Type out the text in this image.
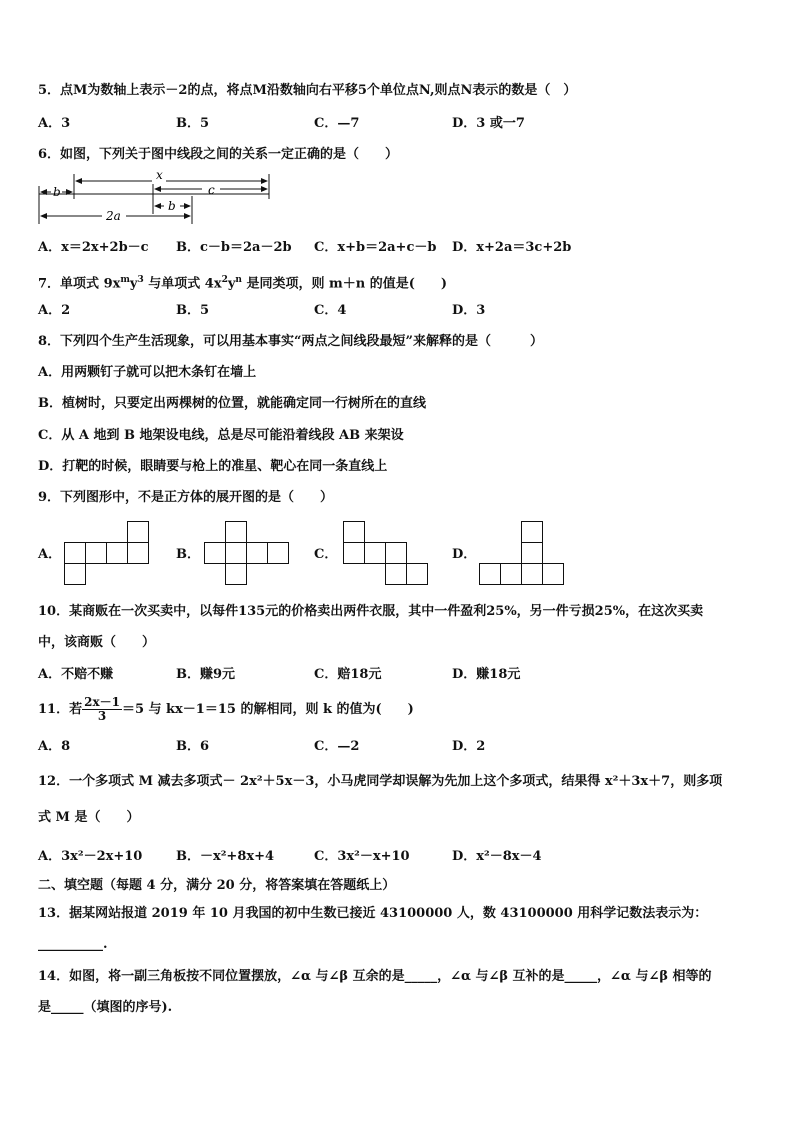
5．点M为数轴上表示－2的点，将点M沿数轴向右平移5个单位点N,则点N表示的数是（　）
A．3	B．5	C．—7	D．3 或一7
6．如图，下列关于图中线段之间的关系一定正确的是（　　）
b
x
c
b
2a
A．x＝2x+2b－c B．c－b＝2a－2b C．x+b＝2a+c－b D．x+2a＝3c+2b
7．单项式 $9x^my^3$ 与单项式 $4x^2y^n$ 是同类项，则 m＋n 的值是(　　)
A．2	B．5	C．4	D．3
8．下列四个生产生活现象，可以用基本事实“两点之间线段最短”来解释的是（　　　）
A．用两颗钉子就可以把木条钉在墙上
B．植树时，只要定出两棵树的位置，就能确定同一行树所在的直线
C．从 A 地到 B 地架设电线，总是尽可能沿着线段 AB 来架设
D．打靶的时候，眼睛要与枪上的准星、靶心在同一条直线上
9．下列图形中，不是正方体的展开图的是（　　）
A．	B．	C．	D．
10．某商贩在一次买卖中，以每件135元的价格卖出两件衣服，其中一件盈利25%，另一件亏损25%，在这次买卖
中，该商贩（　　）
A．不赔不赚	B．赚9元	C．赔18元	D．赚18元
11．若 $\frac{2x-1}{3} =5$ 与 kx－1＝15 的解相同，则 k 的值为(　　)
A．8	B．6	C．—2	D．2
12．一个多项式 M 减去多项式－ 2x²＋5x－3，小马虎同学却误解为先加上这个多项式，结果得 x²＋3x＋7，则多项
式 M 是（　　）
A．3x²－2x+10	B．－x²+8x+4	C．3x²－x+10	D．x²－8x－4
二、填空题（每题 4 分，满分 20 分，将答案填在答题纸上）
13．据某网站报道 2019 年 10 月我国的初中生数已接近 43100000 人，数 43100000 用科学记数法表示为：
__________.
14．如图，将一副三角板按不同位置摆放，∠α 与∠β 互余的是_____，∠α 与∠β 互补的是_____，∠α 与∠β 相等的
是_____（填图的序号).
